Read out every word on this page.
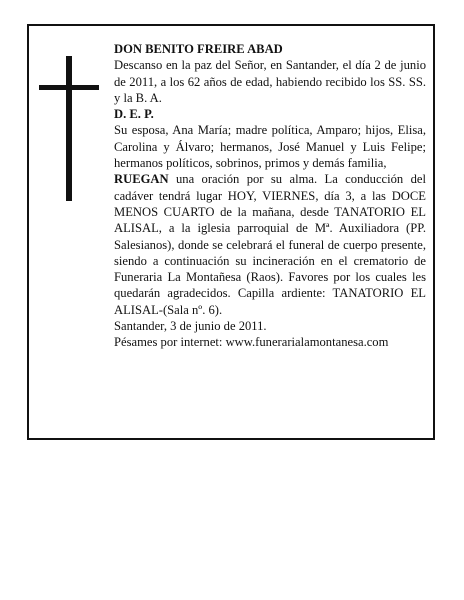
DON BENITO FREIRE ABAD

Descanso en la paz del Señor, en Santander, el día 2 de junio de 2011, a los 62 años de edad, habiendo recibido los SS. SS. y la B. A.

D. E. P.

Su esposa, Ana María; madre política, Amparo; hijos, Elisa, Carolina y Álvaro; hermanos, José Manuel y Luis Felipe; hermanos políticos, sobrinos, primos y demás familia,

RUEGAN una oración por su alma. La conducción del cadáver tendrá lugar HOY, VIERNES, día 3, a las DOCE MENOS CUARTO de la mañana, desde TANATORIO EL ALISAL, a la iglesia parroquial de Mª. Auxiliadora (PP. Salesianos), donde se celebrará el funeral de cuerpo presente, siendo a continuación su incineración en el crematorio de Funeraria La Montañesa (Raos). Favores por los cuales les quedarán agradecidos. Capilla ardiente: TANATORIO EL ALISAL-(Sala nº. 6).

Santander, 3 de junio de 2011.

Pésames por internet: www.funerarialamontanesa.com
